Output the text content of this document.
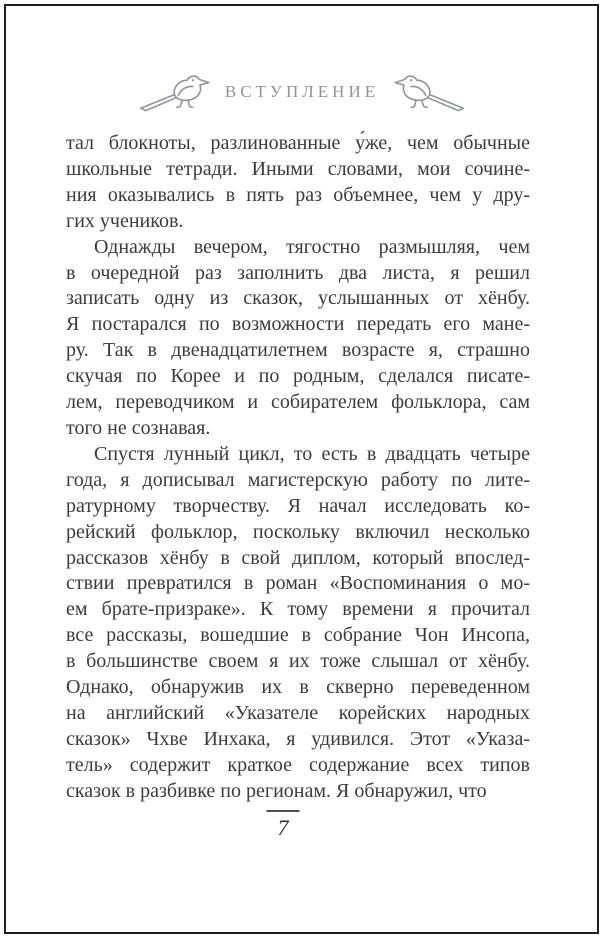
ВСТУПЛЕНИЕ
тал блокноты, разлинованные у́же, чем обычные
школьные тетради. Иными словами, мои сочине-
ния оказывались в пять раз объемнее, чем у дру-
гих учеников.
Однажды вечером, тягостно размышляя, чем
в очередной раз заполнить два листа, я решил
записать одну из сказок, услышанных от хёнбу.
Я постарался по возможности передать его мане-
ру. Так в двенадцатилетнем возрасте я, страшно
скучая по Корее и по родным, сделался писате-
лем, переводчиком и собирателем фольклора, сам
того не сознавая.
Спустя лунный цикл, то есть в двадцать четыре
года, я дописывал магистерскую работу по лите-
ратурному творчеству. Я начал исследовать ко-
рейский фольклор, поскольку включил несколько
рассказов хёнбу в свой диплом, который впослед-
ствии превратился в роман «Воспоминания о мо-
ем брате-призраке». К тому времени я прочитал
все рассказы, вошедшие в собрание Чон Инсопа,
в большинстве своем я их тоже слышал от хёнбу.
Однако, обнаружив их в скверно переведенном
на английский «Указателе корейских народных
сказок» Чхве Инхака, я удивился. Этот «Указа-
тель» содержит краткое содержание всех типов
сказок в разбивке по регионам. Я обнаружил, что
7
